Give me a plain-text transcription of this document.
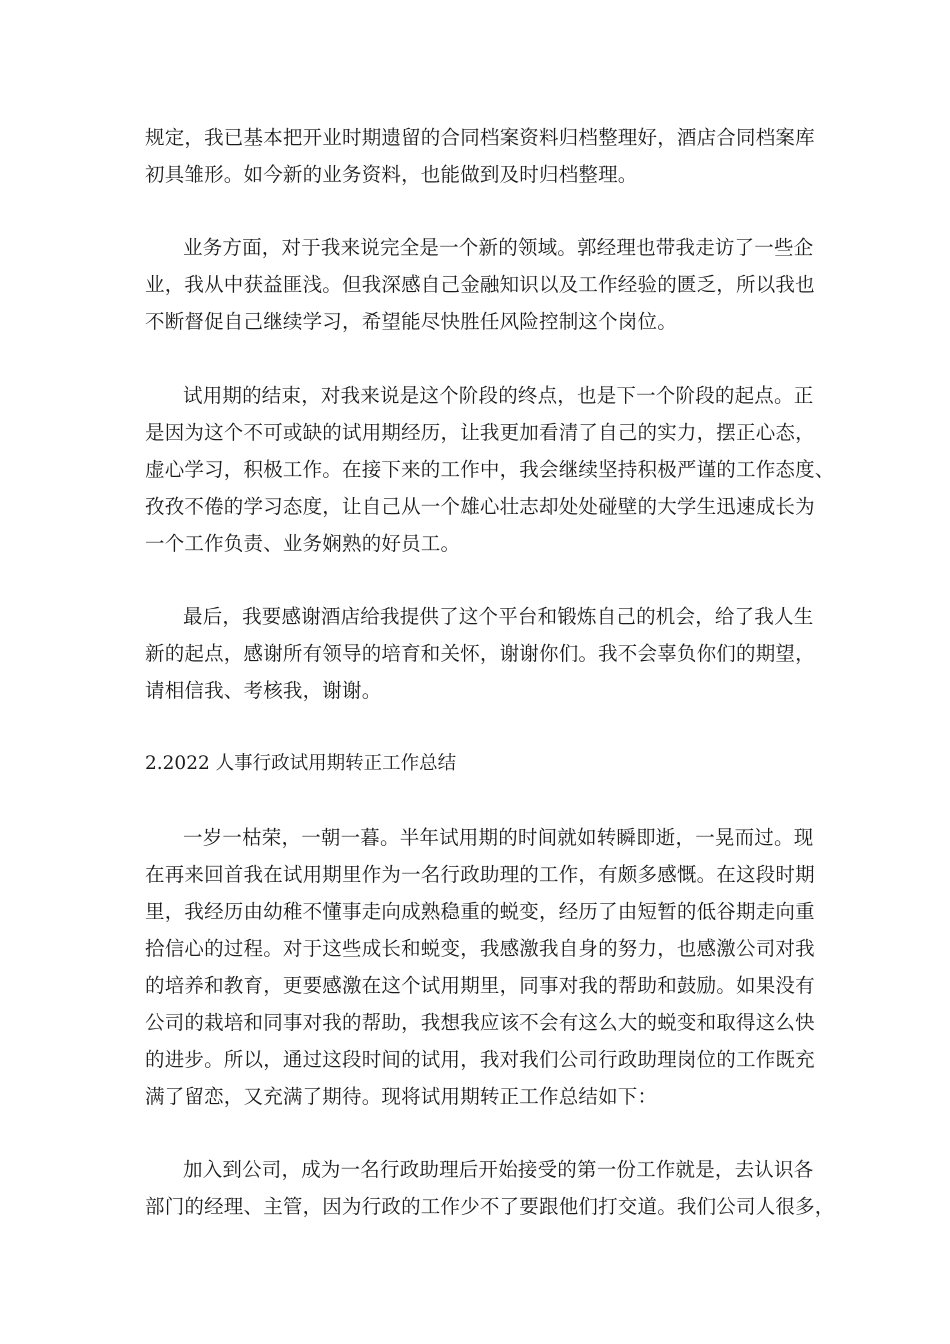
规定，我已基本把开业时期遗留的合同档案资料归档整理好，酒店合同档案库
初具雏形。如今新的业务资料，也能做到及时归档整理。
业务方面，对于我来说完全是一个新的领域。郭经理也带我走访了一些企
业，我从中获益匪浅。但我深感自己金融知识以及工作经验的匮乏，所以我也
不断督促自己继续学习，希望能尽快胜任风险控制这个岗位。
试用期的结束，对我来说是这个阶段的终点，也是下一个阶段的起点。正
是因为这个不可或缺的试用期经历，让我更加看清了自己的实力，摆正心态，
虚心学习，积极工作。在接下来的工作中，我会继续坚持积极严谨的工作态度、
孜孜不倦的学习态度，让自己从一个雄心壮志却处处碰壁的大学生迅速成长为
一个工作负责、业务娴熟的好员工。
最后，我要感谢酒店给我提供了这个平台和锻炼自己的机会，给了我人生
新的起点，感谢所有领导的培育和关怀，谢谢你们。我不会辜负你们的期望，
请相信我、考核我，谢谢。
2.2022 人事行政试用期转正工作总结
一岁一枯荣，一朝一暮。半年试用期的时间就如转瞬即逝，一晃而过。现
在再来回首我在试用期里作为一名行政助理的工作，有颇多感慨。在这段时期
里，我经历由幼稚不懂事走向成熟稳重的蜕变，经历了由短暂的低谷期走向重
拾信心的过程。对于这些成长和蜕变，我感激我自身的努力，也感激公司对我
的培养和教育，更要感激在这个试用期里，同事对我的帮助和鼓励。如果没有
公司的栽培和同事对我的帮助，我想我应该不会有这么大的蜕变和取得这么快
的进步。所以，通过这段时间的试用，我对我们公司行政助理岗位的工作既充
满了留恋，又充满了期待。现将试用期转正工作总结如下：
加入到公司，成为一名行政助理后开始接受的第一份工作就是，去认识各
部门的经理、主管，因为行政的工作少不了要跟他们打交道。我们公司人很多，
